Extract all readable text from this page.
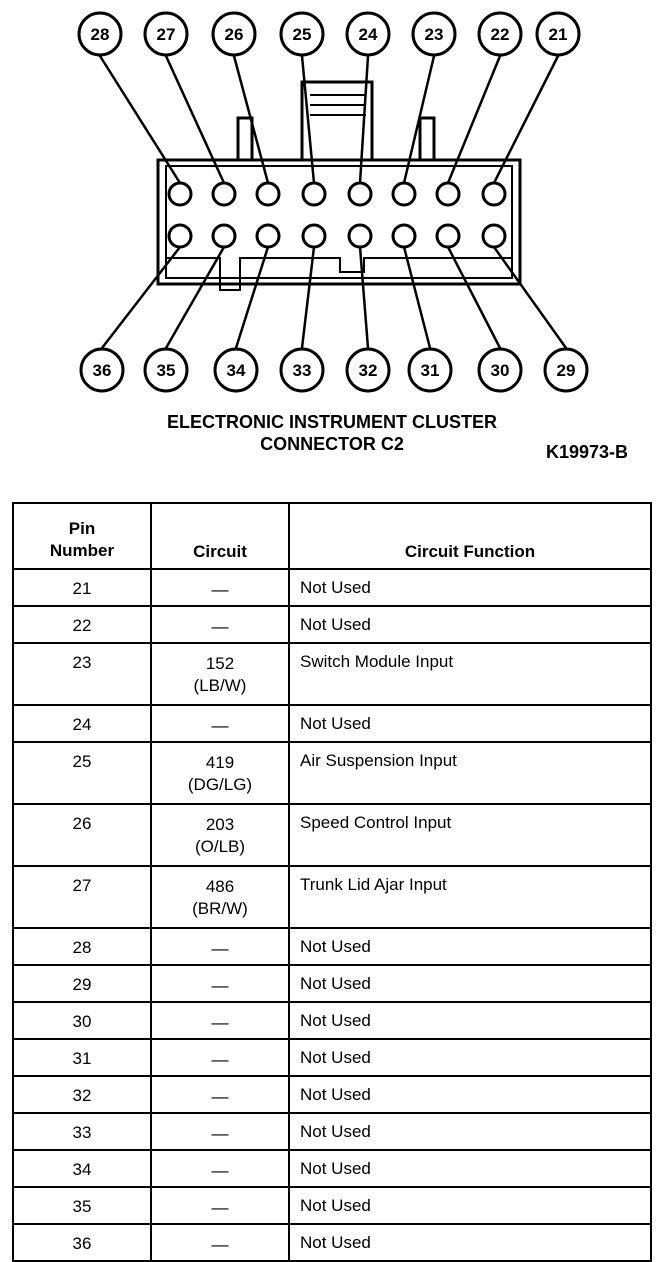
28	27	26	25	24	23	22 21
36	35	34	33	32	31	30	29
ELECTRONIC INSTRUMENT CLUSTER
CONNECTOR C2	K19973-B
Pin
Number	Circuit	Circuit Function
21	—	Not Used
22	—	Not Used
23	152
(LB/W)	Switch Module Input
24	—	Not Used
25	419
(DG/LG)	Air Suspension Input
26	203
(O/LB)	Speed Control Input
27	486
(BR/W)	Trunk Lid Ajar Input
28	—	Not Used
29	—	Not Used
30	—	Not Used
31	—	Not Used
32	—	Not Used
33	—	Not Used
34	—	Not Used
35	—	Not Used
36	—	Not Used
